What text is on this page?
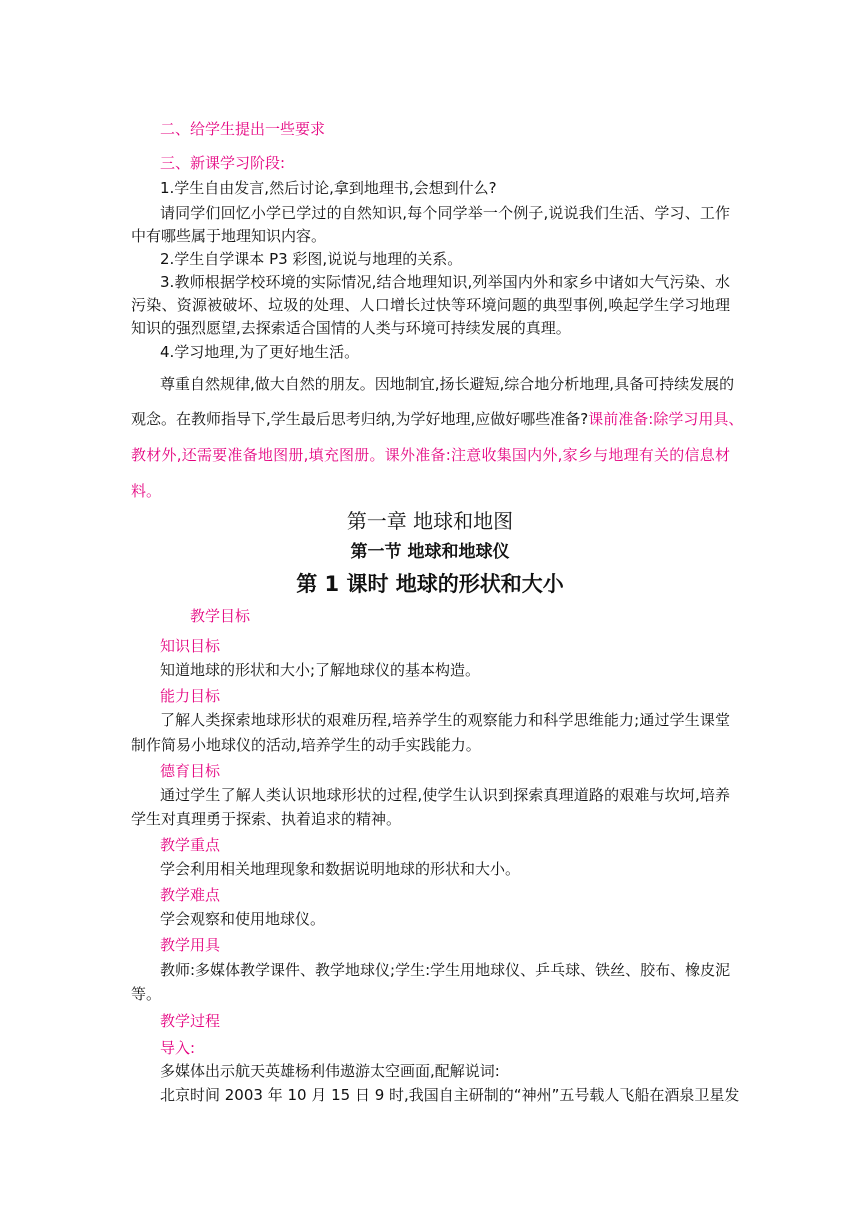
二、给学生提出一些要求
三、新课学习阶段:
1.学生自由发言,然后讨论,拿到地理书,会想到什么?
请同学们回忆小学已学过的自然知识,每个同学举一个例子,说说我们生活、学习、工作
中有哪些属于地理知识内容。
2.学生自学课本 P3 彩图,说说与地理的关系。
3.教师根据学校环境的实际情况,结合地理知识,列举国内外和家乡中诸如大气污染、水
污染、资源被破坏、垃圾的处理、人口增长过快等环境问题的典型事例,唤起学生学习地理
知识的强烈愿望,去探索适合国情的人类与环境可持续发展的真理。
4.学习地理,为了更好地生活。
尊重自然规律,做大自然的朋友。因地制宜,扬长避短,综合地分析地理,具备可持续发展的
观念。在教师指导下,学生最后思考归纳,为学好地理,应做好哪些准备?课前准备:除学习用具、
教材外,还需要准备地图册,填充图册。课外准备:注意收集国内外,家乡与地理有关的信息材
料。
第一章 地球和地图
第一节 地球和地球仪
第 1 课时 地球的形状和大小
教学目标
知识目标
知道地球的形状和大小;了解地球仪的基本构造。
能力目标
了解人类探索地球形状的艰难历程,培养学生的观察能力和科学思维能力;通过学生课堂
制作简易小地球仪的活动,培养学生的动手实践能力。
德育目标
通过学生了解人类认识地球形状的过程,使学生认识到探索真理道路的艰难与坎坷,培养
学生对真理勇于探索、执着追求的精神。
教学重点
学会利用相关地理现象和数据说明地球的形状和大小。
教学难点
学会观察和使用地球仪。
教学用具
教师:多媒体教学课件、教学地球仪;学生:学生用地球仪、乒乓球、铁丝、胶布、橡皮泥
等。
教学过程
导入:
多媒体出示航天英雄杨利伟遨游太空画面,配解说词:
北京时间 2003 年 10 月 15 日 9 时,我国自主研制的“神州”五号载人飞船在酒泉卫星发
